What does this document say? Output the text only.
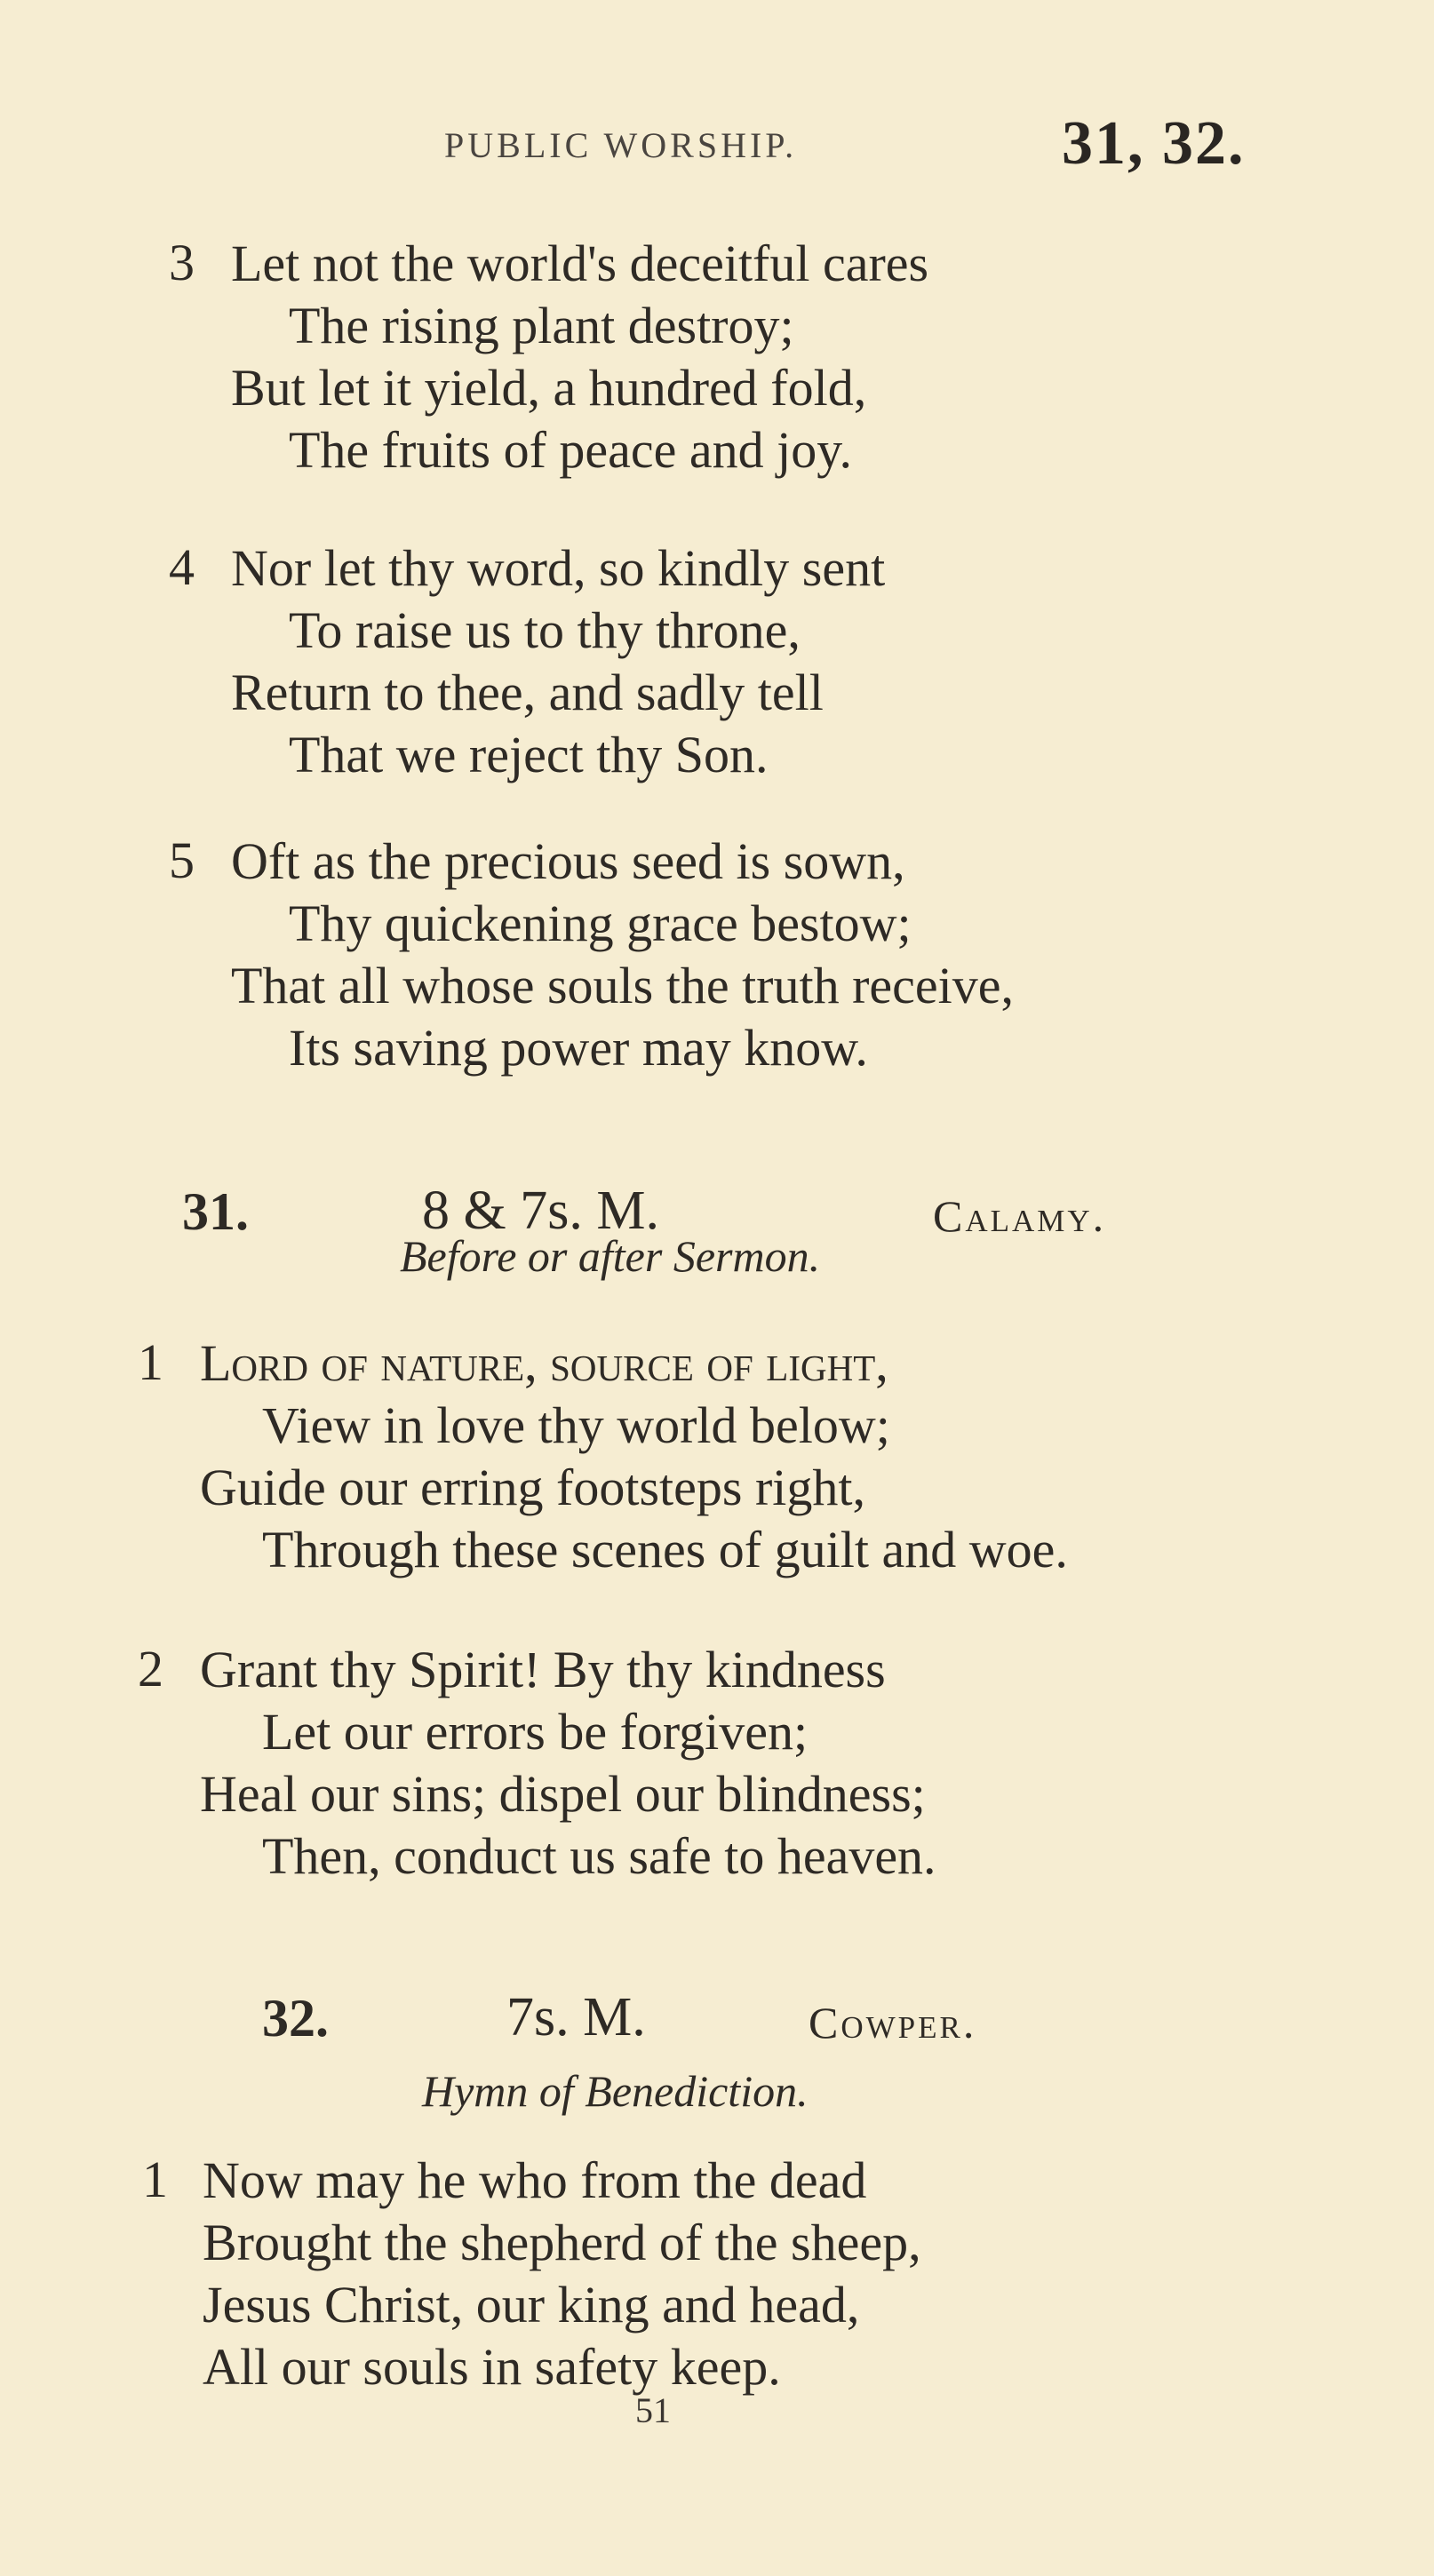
PUBLIC WORSHIP.	31, 32.
3 Let not the world's deceitful cares
The rising plant destroy;
But let it yield, a hundred fold,
The fruits of peace and joy.
4 Nor let thy word, so kindly sent
To raise us to thy throne,
Return to thee, and sadly tell
That we reject thy Son.
5 Oft as the precious seed is sown,
Thy quickening grace bestow;
That all whose souls the truth receive,
Its saving power may know.
31.	8 & 7s. M.	Calamy.
Before or after Sermon.
1 Lord of nature, source of light,
View in love thy world below;
Guide our erring footsteps right,
Through these scenes of guilt and woe.
2 Grant thy Spirit! By thy kindness
Let our errors be forgiven;
Heal our sins; dispel our blindness;
Then, conduct us safe to heaven.
32.	7s. M.	Cowper.
Hymn of Benediction.
1 Now may he who from the dead
Brought the shepherd of the sheep,
Jesus Christ, our king and head,
All our souls in safety keep.
51
